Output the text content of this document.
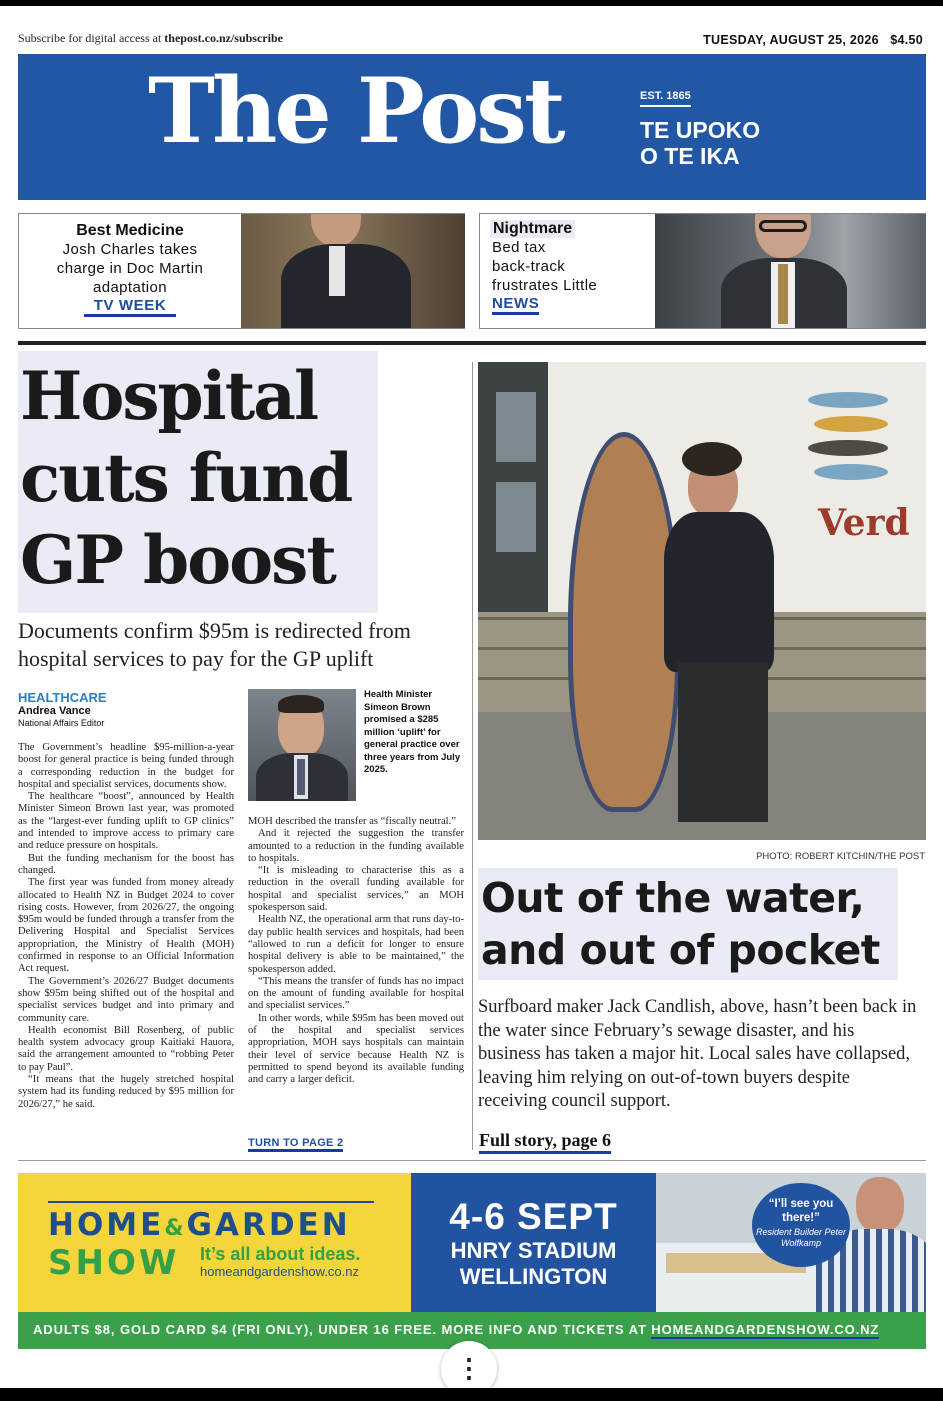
Subscribe for digital access at thepost.co.nz/subscribe	TUESDAY, AUGUST 25, 2026 $4.50
The Post	EST. 1865
TE UPOKO
O TE IKA
Best Medicine
Josh Charles takes
charge in Doc Martin
adaptation
TV WEEK
Nightmare
Bed tax
back-track
frustrates Little
NEWS
Hospital
cuts fund
GP boost
Documents confirm $95m is redirected from hospital services to pay for the GP uplift
HEALTHCARE
Andrea Vance
National Affairs Editor

The Government’s headline $95-million-a-year boost for general practice is being funded through a corresponding reduction in the budget for hospital and specialist services, documents show.

The healthcare “boost”, announced by Health Minister Simeon Brown last year, was promoted as the “largest-ever funding uplift to GP clinics” and intended to improve access to primary care and reduce pressure on hospitals.

But the funding mechanism for the boost has changed.

The first year was funded from money already allocated to Health NZ in Budget 2024 to cover rising costs. However, from 2026/27, the ongoing $95m would be funded through a transfer from the Delivering Hospital and Specialist Services appropriation, the Ministry of Health (MOH) confirmed in response to an Official Information Act request.

The Government’s 2026/27 Budget documents show $95m being shifted out of the hospital and specialist services budget and into primary and community care.

Health economist Bill Rosenberg, of public health system advocacy group Kaitiaki Hauora, said the arrangement amounted to “robbing Peter to pay Paul”.

“It means that the hugely stretched hospital system had its funding reduced by $95 million for 2026/27,” he said.

Health Minister Simeon Brown promised a $285 million ‘uplift’ for general practice over three years from July 2025.

MOH described the transfer as “fiscally neutral.”

And it rejected the suggestion the transfer amounted to a reduction in the funding available to hospitals.

“It is misleading to characterise this as a reduction in the overall funding available for hospital and specialist services,” an MOH spokesperson said.

Health NZ, the operational arm that runs day-to-day public health services and hospitals, had been “allowed to run a deficit for longer to ensure hospital delivery is able to be maintained,” the spokesperson added.

“This means the transfer of funds has no impact on the amount of funding available for hospital and specialist services.”

In other words, while $95m has been moved out of the hospital and specialist services appropriation, MOH says hospitals can maintain their level of service because Health NZ is permitted to spend beyond its available funding and carry a larger deficit.

TURN TO PAGE 2
Verd
PHOTO: ROBERT KITCHIN/THE POST
Out of the water,
and out of pocket
Surfboard maker Jack Candlish, above, hasn’t been back in the water since February’s sewage disaster, and his business has taken a major hit. Local sales have collapsed, leaving him relying on out-of-town buyers despite receiving council support.
Full story, page 6
HOME&GARDEN
SHOW It’s all about ideas.
homeandgardenshow.co.nz
4-6 SEPT
HNRY STADIUM
WELLINGTON
“I’ll see you there!”
Resident Builder Peter Wolfkamp
ADULTS $8, GOLD CARD $4 (FRI ONLY), UNDER 16 FREE. MORE INFO AND TICKETS AT HOMEANDGARDENSHOW.CO.NZ
⋮
